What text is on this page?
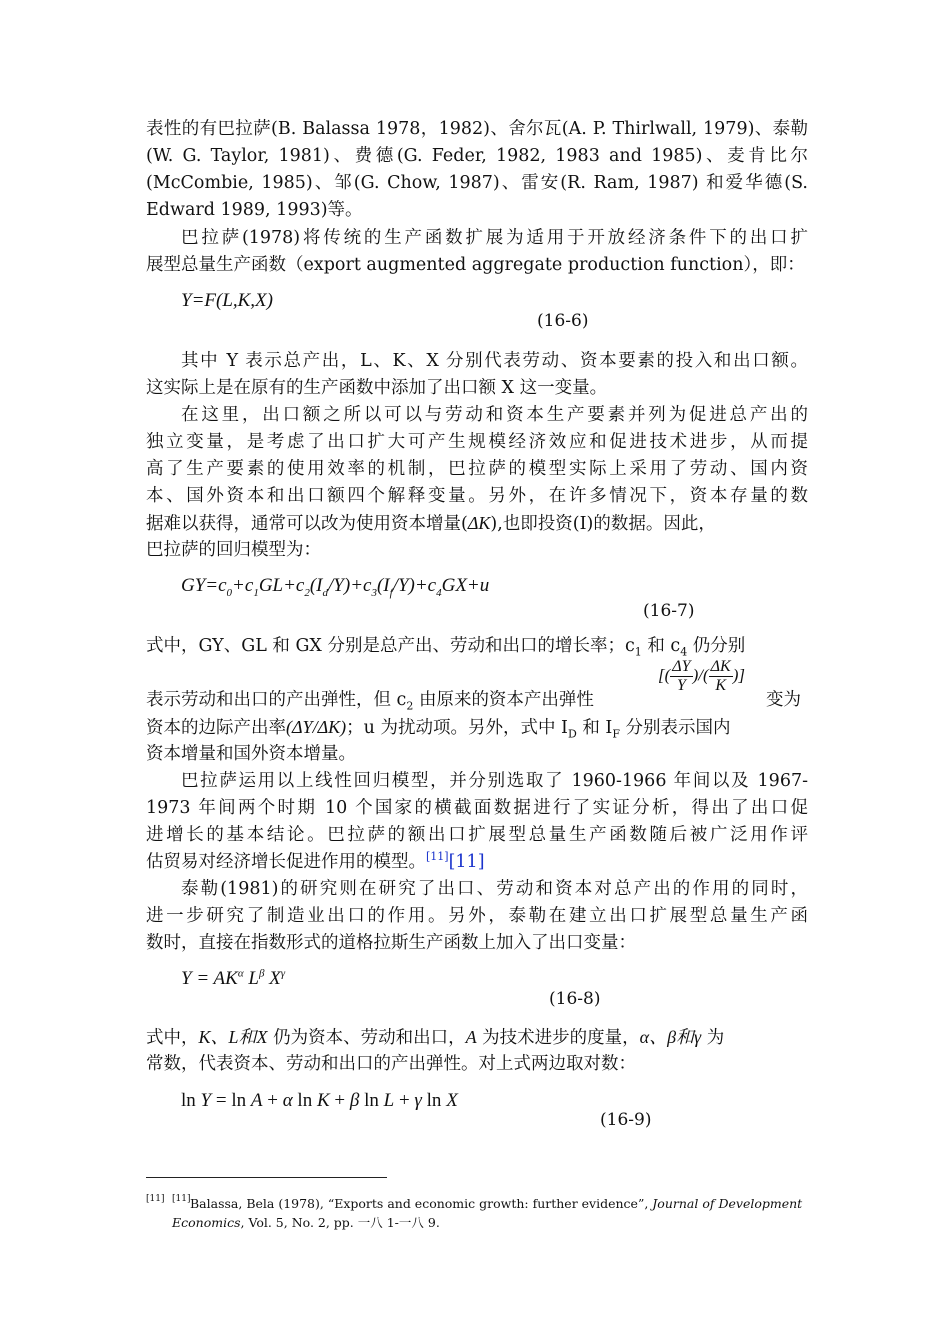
表性的有巴拉萨(B. Balassa 1978，1982)、舍尔瓦(A. P. Thirlwall, 1979)、泰勒
(W. G. Taylor, 1981)、费德(G. Feder, 1982, 1983 and 1985)、麦肯比尔
(McCombie, 1985)、邹(G. Chow, 1987)、雷安(R. Ram, 1987) 和爱华德(S.
Edward 1989, 1993)等。
巴拉萨(1978)将传统的生产函数扩展为适用于开放经济条件下的出口扩
展型总量生产函数（export augmented aggregate production function），即：
Y=F(L,K,X)
(16-6)
其中 Y 表示总产出，L、K、X 分别代表劳动、资本要素的投入和出口额。
这实际上是在原有的生产函数中添加了出口额 X 这一变量。
在这里，出口额之所以可以与劳动和资本生产要素并列为促进总产出的
独立变量，是考虑了出口扩大可产生规模经济效应和促进技术进步，从而提
高了生产要素的使用效率的机制，巴拉萨的模型实际上采用了劳动、国内资
本、国外资本和出口额四个解释变量。另外，在许多情况下，资本存量的数
据难以获得，通常可以改为使用资本增量(ΔK),也即投资(I)的数据。因此，
巴拉萨的回归模型为：
$GY=c_0+c_1GL+c_2(I_d/Y)+c_3(I_f/Y)+c_4GX+u$
(16-7)
式中，GY、GL 和 GX 分别是总产出、劳动和出口的增长率；$c_1$ 和 $c_4$ 仍分别
表示劳动和出口的产出弹性，但 $c_2$ 由原来的资本产出弹性
[( $\frac{\Delta Y}{Y}$ )/( $\frac{\Delta K}{K}$ )]
变为
资本的边际产出率(ΔY/ΔK)；u 为扰动项。另外，式中 $I_D$ 和 $I_F$ 分别表示国内
资本增量和国外资本增量。
巴拉萨运用以上线性回归模型，并分别选取了 1960-1966 年间以及 1967-
1973 年间两个时期 10 个国家的横截面数据进行了实证分析，得出了出口促
进增长的基本结论。巴拉萨的额出口扩展型总量生产函数随后被广泛用作评
估贸易对经济增长促进作用的模型。[11][11]
泰勒(1981)的研究则在研究了出口、劳动和资本对总产出的作用的同时，
进一步研究了制造业出口的作用。另外，泰勒在建立出口扩展型总量生产函
数时，直接在指数形式的道格拉斯生产函数上加入了出口变量：
$Y = AK^\alpha$ $L^\beta$ $X^\gamma$
(16-8)
式中，K、L和X 仍为资本、劳动和出口，A 为技术进步的度量，α、β和γ 为
常数，代表资本、劳动和出口的产出弹性。对上式两边取对数：
ln Y = ln A + α ln K + β ln L + γ ln X
(16-9)
[11] [11] Balassa, Bela (1978), “Exports and economic growth: further evidence”, Journal of Development
Economics, Vol. 5, No. 2, pp. 一八 1-一八 9.
